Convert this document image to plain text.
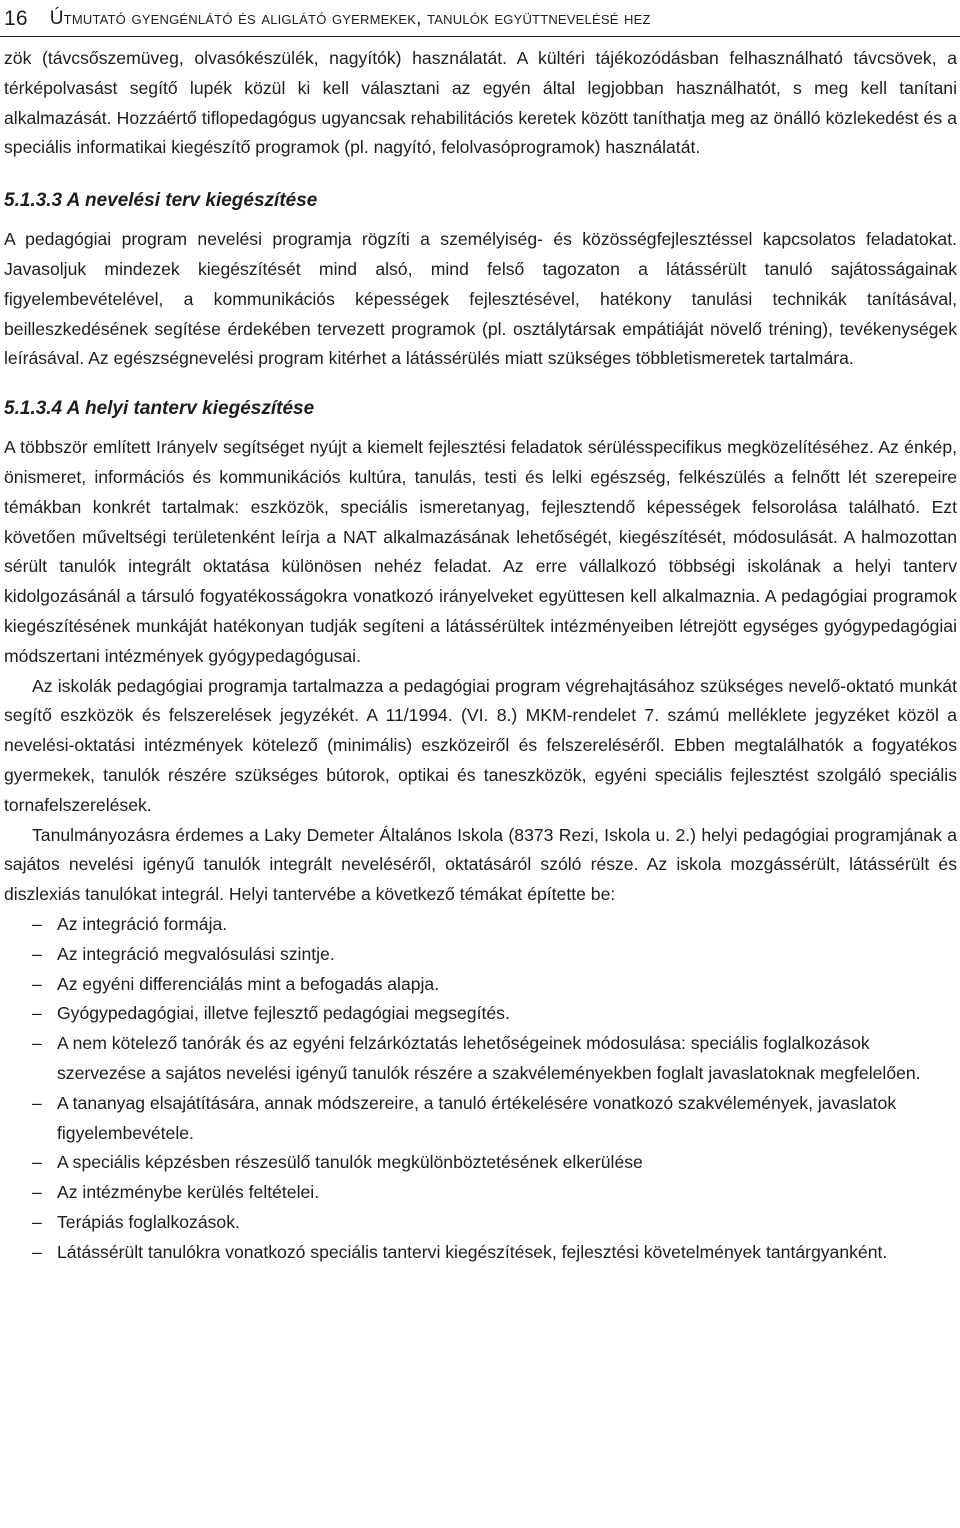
16 Útmutató gyengénlátó és aliglátó gyermekek, tanulók együttnevelésé hez

zök (távcsőszemüveg, olvasókészülék, nagyítók) használatát. A kültéri tájékozódásban felhasználható távcsövek, a térképolvasást segítő lupék közül ki kell választani az egyén által legjobban használhatót, s meg kell tanítani alkalmazását. Hozzáértő tiflopedagógus ugyancsak rehabilitációs keretek között taníthatja meg az önálló közlekedést és a speciális informatikai kiegészítő programok (pl. nagyító, felolvasóprogramok) használatát.

5.1.3.3 A nevelési terv kiegészítése

A pedagógiai program nevelési programja rögzíti a személyiség- és közösségfejlesztéssel kapcsolatos feladatokat. Javasoljuk mindezek kiegészítését mind alsó, mind felső tagozaton a látássérült tanuló sajátosságainak figyelembevételével, a kommunikációs képességek fejlesztésével, hatékony tanulási technikák tanításával, beilleszkedésének segítése érdekében tervezett programok (pl. osztálytársak empátiáját növelő tréning), tevékenységek leírásával. Az egészségnevelési program kitérhet a látássérülés miatt szükséges többletismeretek tartalmára.

5.1.3.4 A helyi tanterv kiegészítése

A többször említett Irányelv segítséget nyújt a kiemelt fejlesztési feladatok sérülésspecifikus megközelítéséhez. Az énkép, önismeret, információs és kommunikációs kultúra, tanulás, testi és lelki egészség, felkészülés a felnőtt lét szerepeire témákban konkrét tartalmak: eszközök, speciális ismeretanyag, fejlesztendő képességek felsorolása található. Ezt követően műveltségi területenként leírja a NAT alkalmazásának lehetőségét, kiegészítését, módosulását. A halmozottan sérült tanulók integrált oktatása különösen nehéz feladat. Az erre vállalkozó többségi iskolának a helyi tanterv kidolgozásánál a társuló fogyatékosságokra vonatkozó irányelveket együttesen kell alkalmaznia. A pedagógiai programok kiegészítésének munkáját hatékonyan tudják segíteni a látássérültek intézményeiben létrejött egységes gyógypedagógiai módszertani intézmények gyógypedagógusai.

Az iskolák pedagógiai programja tartalmazza a pedagógiai program végrehajtásához szükséges nevelő-oktató munkát segítő eszközök és felszerelések jegyzékét. A 11/1994. (VI. 8.) MKM-rendelet 7. számú melléklete jegyzéket közöl a nevelési-oktatási intézmények kötelező (minimális) eszközeiről és felszereléséről. Ebben megtalálhatók a fogyatékos gyermekek, tanulók részére szükséges bútorok, optikai és taneszközök, egyéni speciális fejlesztést szolgáló speciális tornafelszerelések.

Tanulmányozásra érdemes a Laky Demeter Általános Iskola (8373 Rezi, Iskola u. 2.) helyi pedagógiai programjának a sajátos nevelési igényű tanulók integrált neveléséről, oktatásáról szóló része. Az iskola mozgássérült, látássérült és diszlexiás tanulókat integrál. Helyi tantervébe a következő témákat építette be:

– Az integráció formája.
– Az integráció megvalósulási szintje.
– Az egyéni differenciálás mint a befogadás alapja.
– Gyógypedagógiai, illetve fejlesztő pedagógiai megsegítés.
– A nem kötelező tanórák és az egyéni felzárkóztatás lehetőségeinek módosulása: speciális foglalkozások szervezése a sajátos nevelési igényű tanulók részére a szakvéleményekben foglalt javaslatoknak megfelelően.
– A tananyag elsajátítására, annak módszereire, a tanuló értékelésére vonatkozó szakvélemények, javaslatok figyelembevétele.
– A speciális képzésben részesülő tanulók megkülönböztetésének elkerülése
– Az intézménybe kerülés feltételei.
– Terápiás foglalkozások.
– Látássérült tanulókra vonatkozó speciális tantervi kiegészítések, fejlesztési követelmények tantárgyanként.
